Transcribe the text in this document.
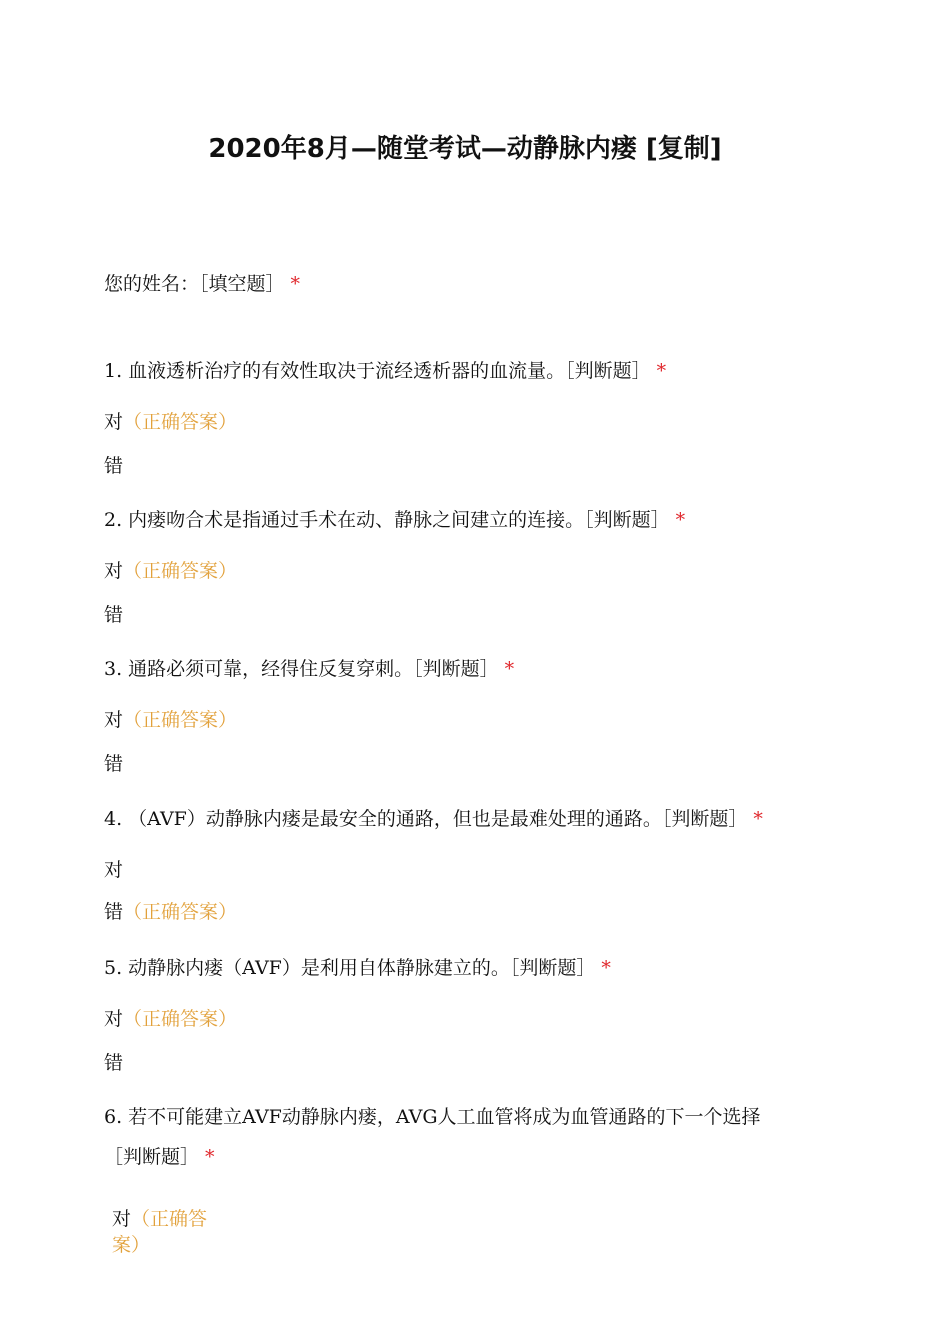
2020年8月—随堂考试—动静脉内瘘 [复制]
您的姓名：［填空题］ *
1. 血液透析治疗的有效性取决于流经透析器的血流量。［判断题］ *
对（正确答案）
错
2. 内瘘吻合术是指通过手术在动、静脉之间建立的连接。［判断题］ *
对（正确答案）
错
3. 通路必须可靠，经得住反复穿刺。［判断题］ *
对（正确答案）
错
4. （AVF）动静脉内瘘是最安全的通路，但也是最难处理的通路。［判断题］ *
对
错（正确答案）
5. 动静脉内瘘（AVF）是利用自体静脉建立的。［判断题］ *
对（正确答案）
错
6. 若不可能建立AVF动静脉内瘘，AVG人工血管将成为血管通路的下一个选择
［判断题］ *
对（正确答案）
